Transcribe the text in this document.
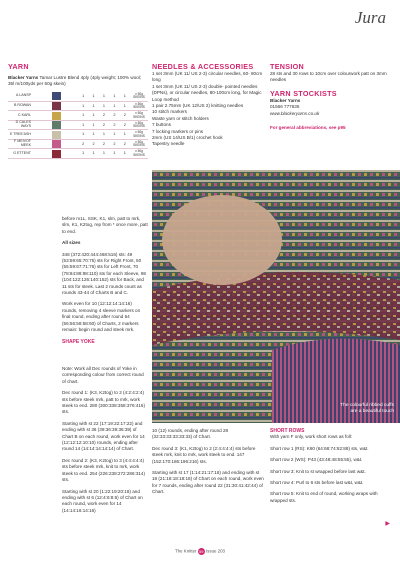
Jura
YARN
Blacker Yarns Tamar Lustre Blend 4ply (4ply weight; 100% wool; 35l m/100yds per 50g skein)
A LANSP		1	1	1	1	1	x 50g SKEINS
B ROWAN		1	1	1	1	1	x 50g SKEINS
C KARL		1	1	2	2	2	x 50g SKEINS
D CALES WAYS		1	1	2	2	2	x 50g SKEINS
E TREE'ASH		1	1	1	1	1	x 50g SKEINS
F MEIVOF MEEK		2	2	2	2	2	x 50g SKEINS
G ETTENT		1	1	1	1	1	x 50g SKEINS
NEEDLES & ACCESSORIES
1 set 3mm (UK 11/ US 2-3) circular needles, 60- 80cm long
1 set 3mm (UK 11/ US 2-3) double- pointed needles (DPNs), or circular needles, 80-100cm long, for Magic Loop method
1 pair 2.75mm (UK 12/US 2) knitting needles
10 stitch markers
Waste yarn or stitch holders
7 buttons
7 locking markers or pins
2mm (US 14/US B/1) crochet hook
Tapestry needle
TENSION
28 sts and 30 rows to 10cm over colourwork patt on 3mm needles
YARN STOCKISTS
Blacker Yarns
01566 777635
www.blackeryarns.co.uk
For general abbreviations, see p95
The colourful ribbed cuffs are a beautiful touch

before m1L, SSK, K1, slm, patt to mrk, slm, K1, K2tog, rep from * once more, patt to end.

All sizes

348 (372:420:444:468:516) sts: 49 (53:59:65:70:75) sts for Right Front, 50 (55:59:67:71:76) sts for Left Front, 70 (78:84:88:98:110) sts for each Sleeve, 98 (104:122:126:140:152) sts for Back, and 11 sts for steek. Last 2 rounds count as rounds 43-44 of Charts B and C.

Work even for 10 (12:12:14:14:16) rounds, removing 4 sleeve markers on final round, ending after round 54 (56:56:58:58:60) of Charts, 2 markers remain: begin round and steek mrk.

SHAPE YOKE

Note: Work all Dec rounds of Yoke in corresponding colour from correct round of chart.

Dec round 1: (K3, K2tog) to 2 (4:2:4:2:4) sts before steek mrk, patt to mrk, work steek to end. 280 (300:338:358:376:416) sts.

Starting with st 22 (17:19:22:17:22) and ending with st 36 (39:36:39:36:39) of Chart B on each round, work even for 14 (12:12:12:10:10) rounds, ending after round 14 (14:14:14:14:14) of Chart.

Dec round 2: (K3, K2tog) to 3 (4:4:4:4:4) sts before steek mrk, knit to mrk, work steek to end. 254 (226:238:272:286:314) sts.

Starting with st 20 (1:22:19:20:18) and ending with st 6 (12:4:6:8:6) of Chart on each round, work even for 14 (14:14:16:14:16)

10 (12) rounds, ending after round 28 (32:33:33:33:33:33) of Chart.

Dec round 3: (K1, K2tog) to 2 (2:4:4:4:4) sts before steek mrk, knit to mrk, work steek to end. 147 (152:170:186:196:216) sts.

Starting with st 17 (1:14:21:17:18) and ending with st 18 (21:18:18:18:18) of Chart on each round, work even for 7 rounds, ending after round 22 (31:30:41:42:44) of Chart.

SHORT ROWS

With yarn F only, work short rows as foll:

Short row 1 (RS): K60 (64:68:74:82:88) sts, w&t.

Short row 2 (WS): P43 (43:48:48:55:55), w&t.

Short row 3: Knit to st wrapped before last w&t.

Short row 4: Purl to 6 sts before last w&t, w&t.

Short row 5: Knit to end of round, working wraps with wrapped sts.

▶
The Knitter 59 Issue 203
